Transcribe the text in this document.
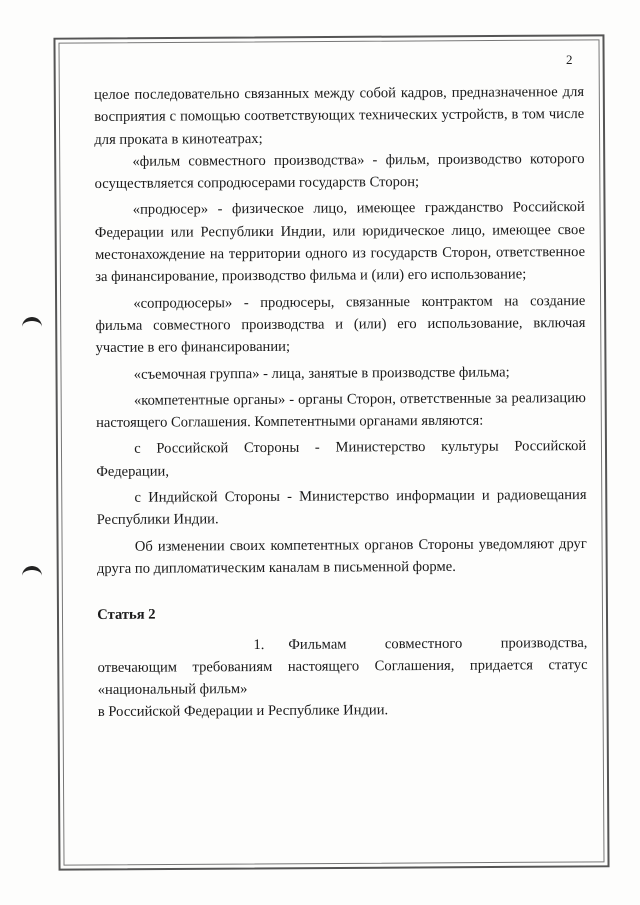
2

целое последовательно связанных между собой кадров, предназначенное для восприятия с помощью соответствующих технических устройств, в том числе для проката в кинотеатрах;

«фильм совместного производства» - фильм, производство которого осуществляется сопродюсерами государств Сторон;

«продюсер» - физическое лицо, имеющее гражданство Российской Федерации или Республики Индии, или юридическое лицо, имеющее свое местонахождение на территории одного из государств Сторон, ответственное за финансирование, производство фильма и (или) его использование;

«сопродюсеры» - продюсеры, связанные контрактом на создание фильма совместного производства и (или) его использование, включая участие в его финансировании;

«съемочная группа» - лица, занятые в производстве фильма;

«компетентные органы» - органы Сторон, ответственные за реализацию настоящего Соглашения. Компетентными органами являются:

с Российской Стороны - Министерство культуры Российской Федерации,

с Индийской Стороны - Министерство информации и радиовещания Республики Индии.

Об изменении своих компетентных органов Стороны уведомляют друг друга по дипломатическим каналам в письменной форме.

Статья 2

1. Фильмам совместного производства, отвечающим требованиям настоящего Соглашения, придается статус «национальный фильм»

в Российской Федерации и Республике Индии.
